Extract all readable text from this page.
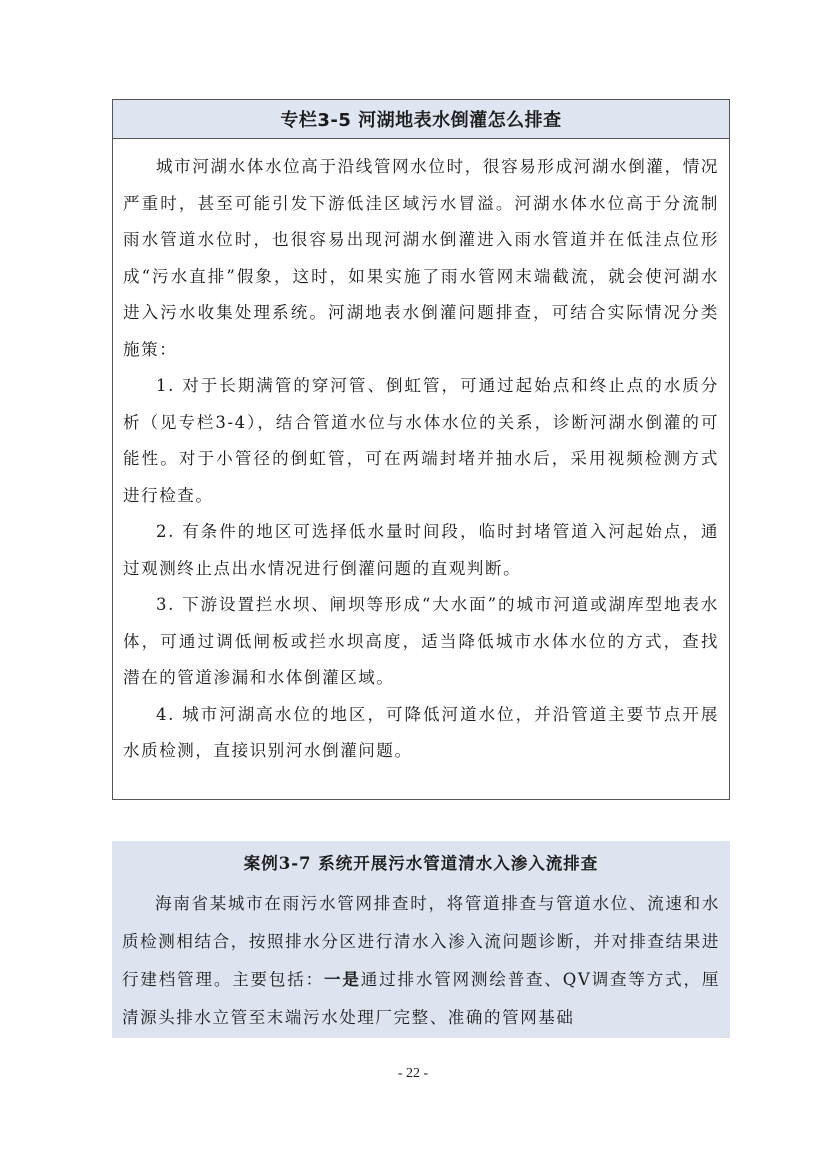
专栏3-5 河湖地表水倒灌怎么排查

城市河湖水体水位高于沿线管网水位时，很容易形成河湖水倒灌，情况严重时，甚至可能引发下游低洼区域污水冒溢。河湖水体水位高于分流制雨水管道水位时，也很容易出现河湖水倒灌进入雨水管道并在低洼点位形成“污水直排”假象，这时，如果实施了雨水管网末端截流，就会使河湖水进入污水收集处理系统。河湖地表水倒灌问题排查，可结合实际情况分类施策：

1. 对于长期满管的穿河管、倒虹管，可通过起始点和终止点的水质分析（见专栏3-4），结合管道水位与水体水位的关系，诊断河湖水倒灌的可能性。对于小管径的倒虹管，可在两端封堵并抽水后，采用视频检测方式进行检查。

2. 有条件的地区可选择低水量时间段，临时封堵管道入河起始点，通过观测终止点出水情况进行倒灌问题的直观判断。

3. 下游设置拦水坝、闸坝等形成“大水面”的城市河道或湖库型地表水体，可通过调低闸板或拦水坝高度，适当降低城市水体水位的方式，查找潜在的管道渗漏和水体倒灌区域。

4. 城市河湖高水位的地区，可降低河道水位，并沿管道主要节点开展水质检测，直接识别河水倒灌问题。

案例3-7 系统开展污水管道清水入渗入流排查

海南省某城市在雨污水管网排查时，将管道排查与管道水位、流速和水质检测相结合，按照排水分区进行清水入渗入流问题诊断，并对排查结果进行建档管理。主要包括：一是通过排水管网测绘普查、QV调查等方式，厘清源头排水立管至末端污水处理厂完整、准确的管网基础

- 22 -
